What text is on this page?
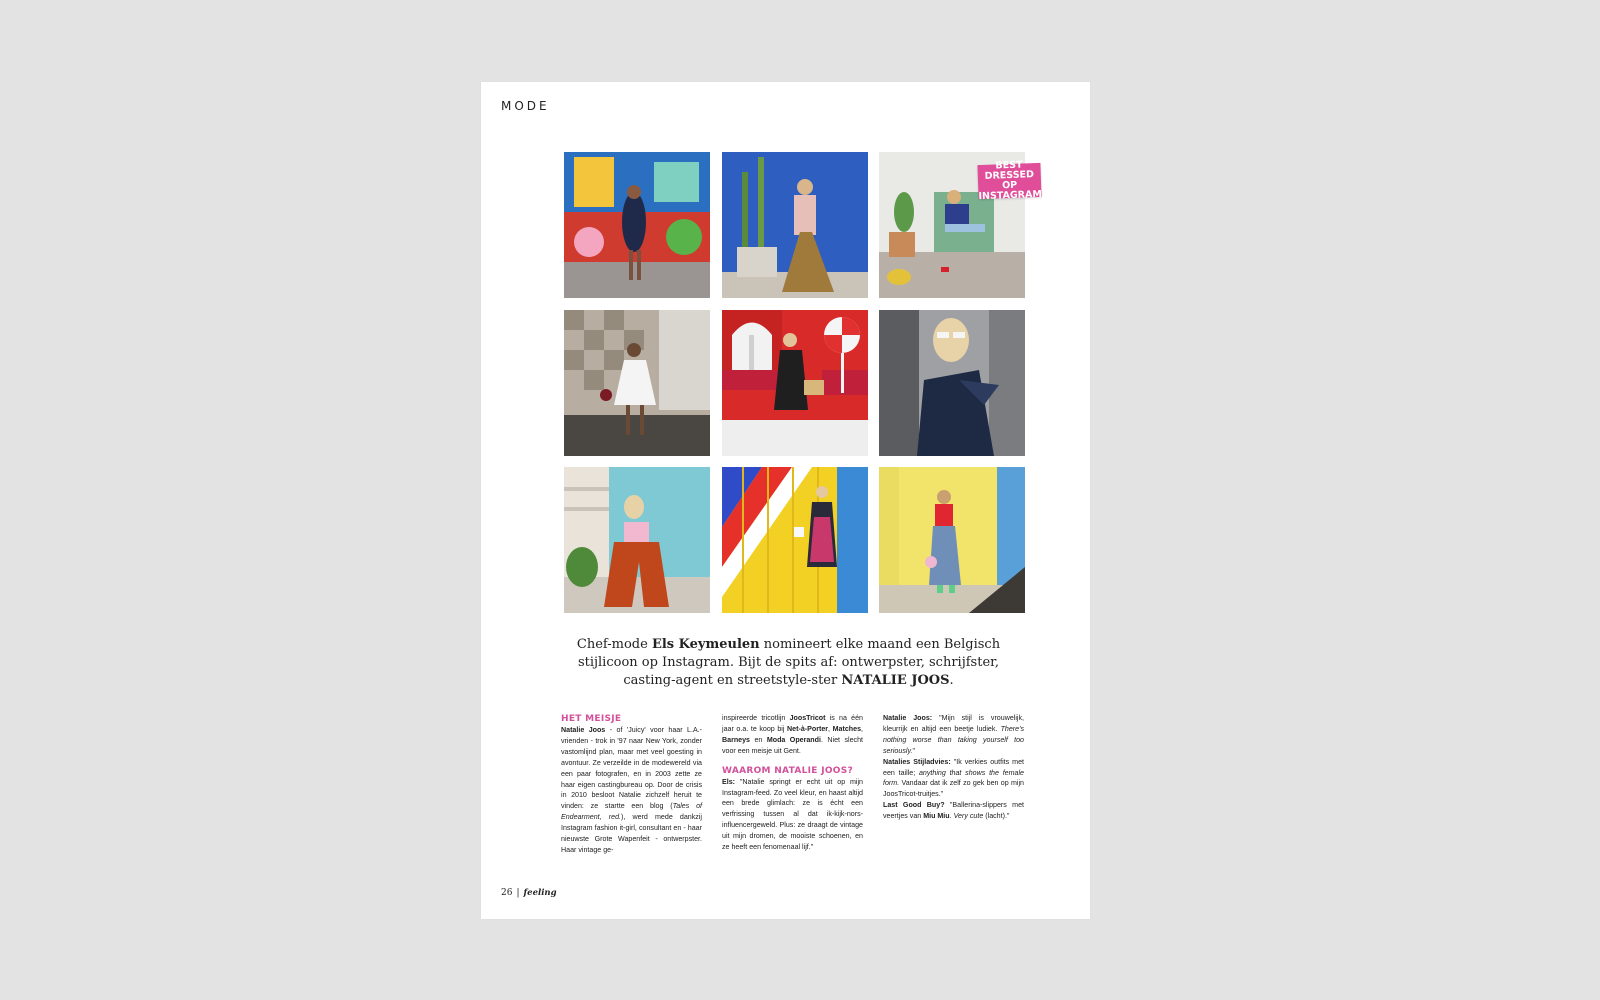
MODE
BEST DRESSED
OP INSTAGRAM
Chef-mode Els Keymeulen nomineert elke maand een Belgisch stijlicoon op Instagram. Bijt de spits af: ontwerpster, schrijfster, casting-agent en streetstyle-ster NATALIE JOOS.
HET MEISJE
Natalie Joos - of 'Juicy' voor haar L.A.-vrienden - trok in '97 naar New York, zonder vastomlijnd plan, maar met veel goesting in avontuur. Ze verzeilde in de modewereld via een paar fotografen, en in 2003 zette ze haar eigen castingbureau op. Door de crisis in 2010 besloot Natalie zichzelf heruit te vinden: ze startte een blog (Tales of Endearment, red.), werd mede dankzij Instagram fashion it-girl, consultant en - haar nieuwste Grote Wapenfeit - ontwerpster. Haar vintage ge-
inspireerde tricotlijn JoosTricot is na één jaar o.a. te koop bij Net-à-Porter, Matches, Barneys en Moda Operandi. Niet slecht voor een meisje uit Gent.
WAAROM NATALIE JOOS?
Els: "Natalie springt er echt uit op mijn Instagram-feed. Zo veel kleur, en haast altijd een brede glimlach: ze is écht een verfrissing tussen al dat ik-kijk-nors-influencergeweld. Plus: ze draagt de vintage uit mijn dromen, de mooiste schoenen, en ze heeft een fenomenaal lijf."
Natalie Joos: "Mijn stijl is vrouwelijk, kleurrijk en altijd een beetje ludiek. There's nothing worse than taking yourself too seriously."
Natalies Stijladvies: "Ik verkies outfits met een taille; anything that shows the female form. Vandaar dat ik zelf zo gek ben op mijn JoosTricot-truitjes."
Last Good Buy? "Ballerina-slippers met veertjes van Miu Miu. Very cute (lacht)."
26 | feeling
